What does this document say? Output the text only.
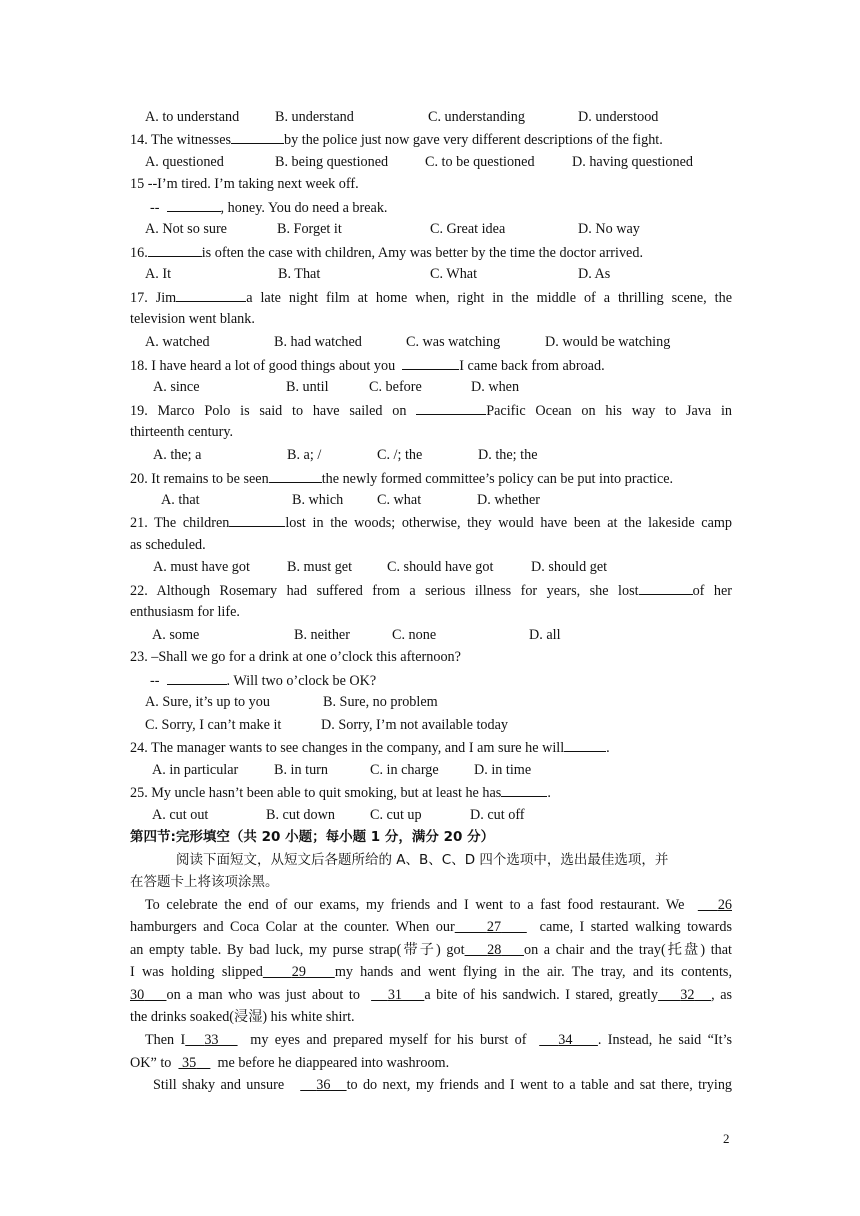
A. to understand	B. understand	C. understanding	D. understood
14. The witnesses	by the police just now gave very different descriptions of the fight.
A. questioned	B. being questioned	C. to be questioned	D. having questioned
15 --I’m tired. I’m taking next week off.
--	, honey. You do need a break.
A. Not so sure	B. Forget it	C. Great idea	D. No way
16.	is often the case with children, Amy was better by the time the doctor arrived.
A. It	B. That	C. What	D. As
17. Jim	a late night film at home when, right in the middle of a thrilling scene, the
television went blank.
A. watched	B. had watched	C. was watching	D. would be watching
18. I have heard a lot of good things about you	I came back from abroad.
A. since	B. until	C. before	D. when
19. Marco Polo is said to have sailed on	Pacific Ocean on his way to Java in
thirteenth century.
A. the; a	B. a; /	C. /; the	D. the; the
20. It remains to be seen	the newly formed committee’s policy can be put into practice.
A. that	B. which C. what	D. whether
21. The children	lost in the woods; otherwise, they would have been at the lakeside camp
as scheduled.
A. must have got	B. must get C. should have got	D. should get
22. Although Rosemary had suffered from a serious illness for years, she lost	of her
enthusiasm for life.
A. some	B. neither	C. none	D. all
23. –Shall we go for a drink at one o’clock this afternoon?
--	. Will two o’clock be OK?
A. Sure, it’s up to you	B. Sure, no problem
C. Sorry, I can’t make it	D. Sorry, I’m not available today
24. The manager wants to see changes in the company, and I am sure he will	.
A. in particular	B. in turn	C. in charge D. in time
25. My uncle hasn’t been able to quit smoking, but at least he has	.
A. cut out	B. cut down C. cut up	D. cut off
第四节:完形填空（共 20 小题；每小题 1 分，满分 20 分）
阅读下面短文，从短文后各题所给的 A、B、C、D 四个选项中，选出最佳选项，并
在答题卡上将该项涂黑。
To celebrate the end of our exams, my friends and I went to a fast food restaurant. We 26
hamburgers and Coca Colar at the counter. When our 27	came, I started walking towards
an empty table. By bad luck, my purse strap(带子) got 28 on a chair and the tray(托盘) that
I was holding slipped 29 my hands and went flying in the air. The tray, and its contents,
30 on a man who was just about to 31 a bite of his sandwich. I stared, greatly 32 , as
the drinks soaked(浸湿) his white shirt.
Then I 33 my eyes and prepared myself for his burst of 34 . Instead, he said “It’s
OK” to 35 me before he diappeared into washroom.
Still shaky and unsure 36 to do next, my friends and I went to a table and sat there, trying
2
